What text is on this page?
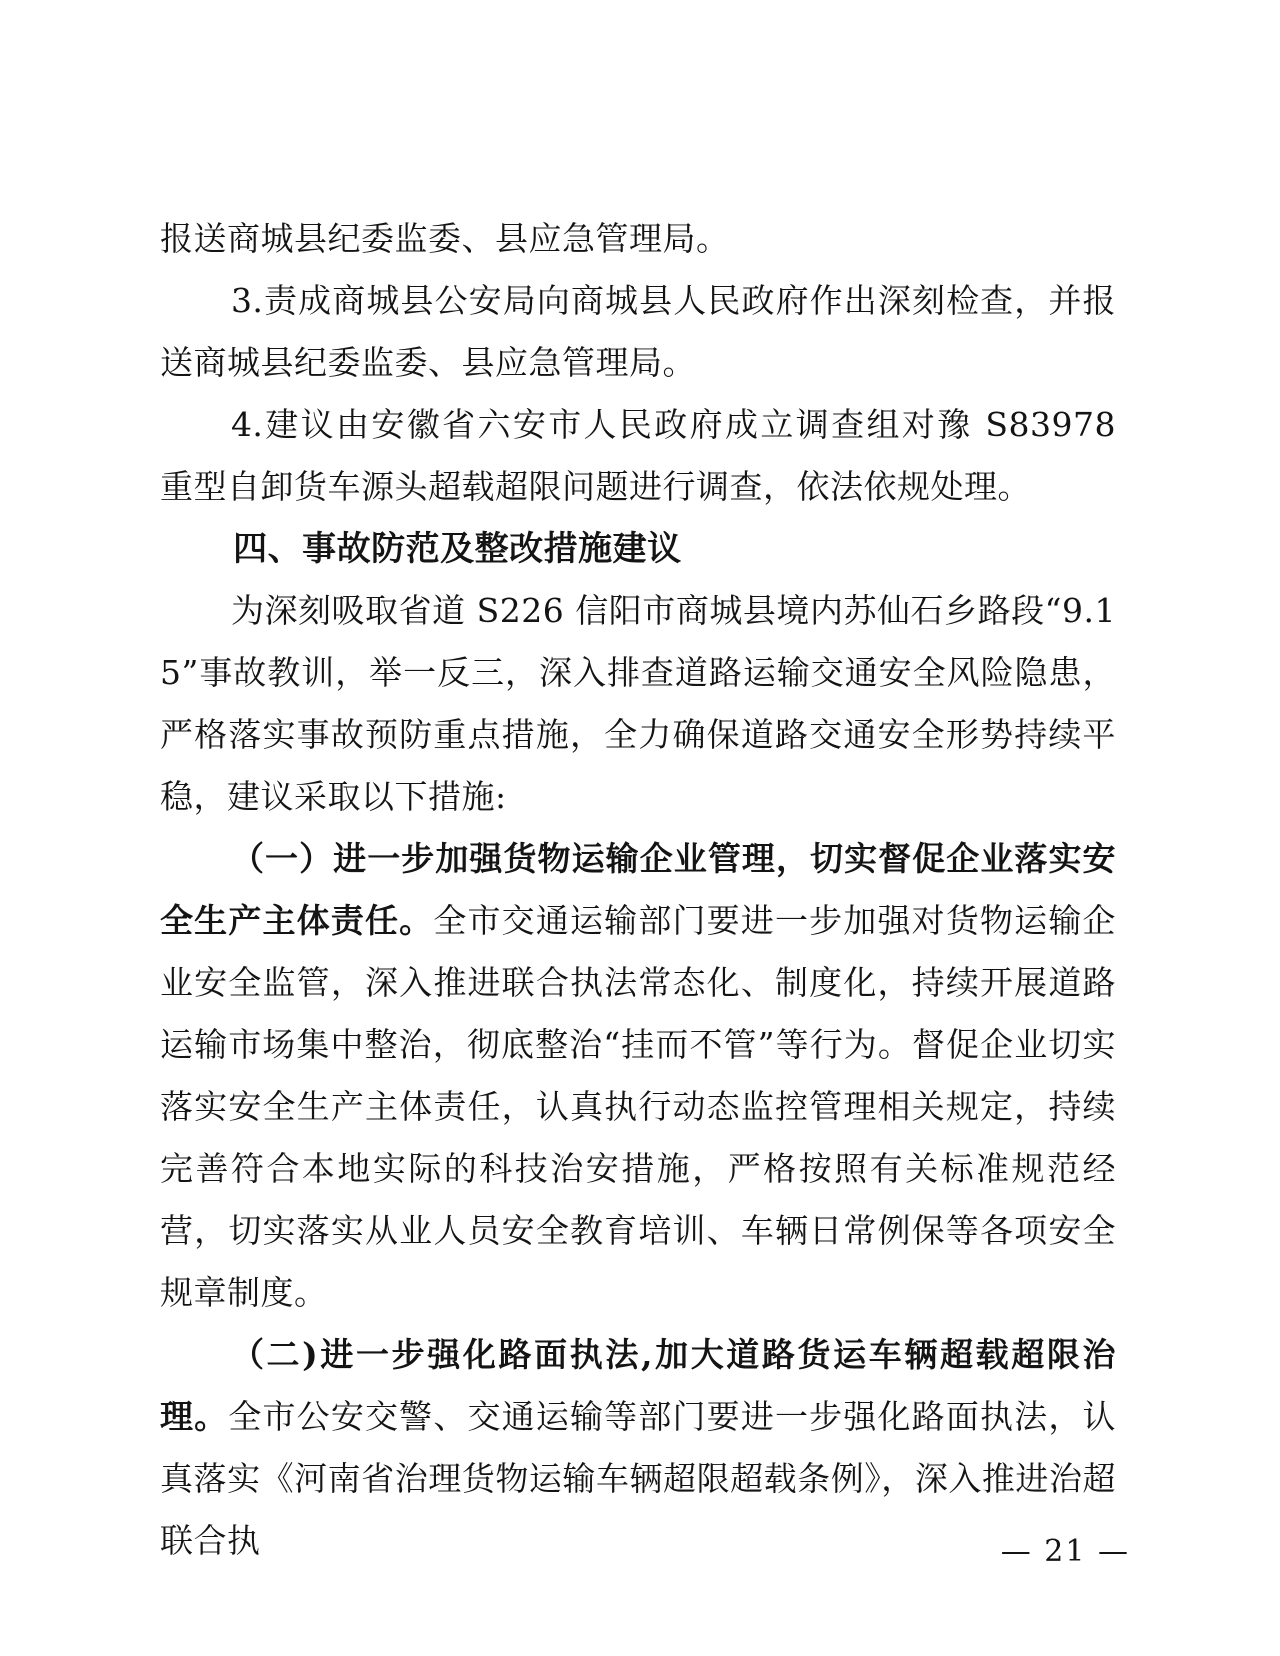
报送商城县纪委监委、县应急管理局。

3.责成商城县公安局向商城县人民政府作出深刻检查，并报送商城县纪委监委、县应急管理局。

4.建议由安徽省六安市人民政府成立调查组对豫 S83978 重型自卸货车源头超载超限问题进行调查，依法依规处理。

四、事故防范及整改措施建议

为深刻吸取省道 S226 信阳市商城县境内苏仙石乡路段“9.15”事故教训，举一反三，深入排查道路运输交通安全风险隐患，严格落实事故预防重点措施，全力确保道路交通安全形势持续平稳，建议采取以下措施:

（一）进一步加强货物运输企业管理，切实督促企业落实安全生产主体责任。全市交通运输部门要进一步加强对货物运输企业安全监管，深入推进联合执法常态化、制度化，持续开展道路运输市场集中整治，彻底整治“挂而不管”等行为。督促企业切实落实安全生产主体责任，认真执行动态监控管理相关规定，持续完善符合本地实际的科技治安措施，严格按照有关标准规范经营，切实落实从业人员安全教育培训、车辆日常例保等各项安全规章制度。

（二)进一步强化路面执法,加大道路货运车辆超载超限治理。全市公安交警、交通运输等部门要进一步强化路面执法，认真落实《河南省治理货物运输车辆超限超载条例》，深入推进治超联合执	— 21 —
